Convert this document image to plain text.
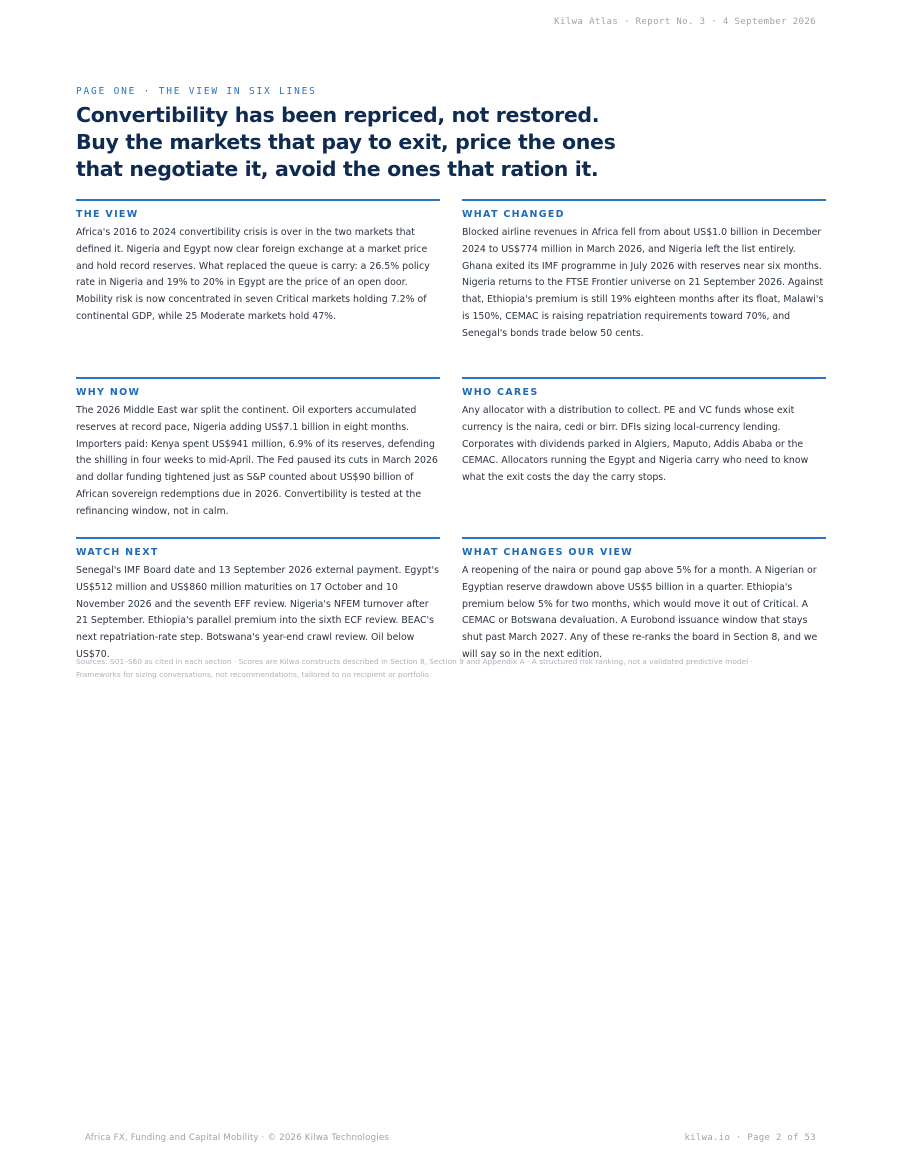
Kilwa Atlas · Report No. 3 · 4 September 2026
PAGE ONE · THE VIEW IN SIX LINES
Convertibility has been repriced, not restored. Buy the markets that pay to exit, price the ones that negotiate it, avoid the ones that ration it.
THE VIEW
Africa's 2016 to 2024 convertibility crisis is over in the two markets that defined it. Nigeria and Egypt now clear foreign exchange at a market price and hold record reserves. What replaced the queue is carry: a 26.5% policy rate in Nigeria and 19% to 20% in Egypt are the price of an open door. Mobility risk is now concentrated in seven Critical markets holding 7.2% of continental GDP, while 25 Moderate markets hold 47%.
WHAT CHANGED
Blocked airline revenues in Africa fell from about US$1.0 billion in December 2024 to US$774 million in March 2026, and Nigeria left the list entirely. Ghana exited its IMF programme in July 2026 with reserves near six months. Nigeria returns to the FTSE Frontier universe on 21 September 2026. Against that, Ethiopia's premium is still 19% eighteen months after its float, Malawi's is 150%, CEMAC is raising repatriation requirements toward 70%, and Senegal's bonds trade below 50 cents.
WHY NOW
The 2026 Middle East war split the continent. Oil exporters accumulated reserves at record pace, Nigeria adding US$7.1 billion in eight months. Importers paid: Kenya spent US$941 million, 6.9% of its reserves, defending the shilling in four weeks to mid-April. The Fed paused its cuts in March 2026 and dollar funding tightened just as S&P counted about US$90 billion of African sovereign redemptions due in 2026. Convertibility is tested at the refinancing window, not in calm.
WHO CARES
Any allocator with a distribution to collect. PE and VC funds whose exit currency is the naira, cedi or birr. DFIs sizing local-currency lending. Corporates with dividends parked in Algiers, Maputo, Addis Ababa or the CEMAC. Allocators running the Egypt and Nigeria carry who need to know what the exit costs the day the carry stops.
WATCH NEXT
Senegal's IMF Board date and 13 September 2026 external payment. Egypt's US$512 million and US$860 million maturities on 17 October and 10 November 2026 and the seventh EFF review. Nigeria's NFEM turnover after 21 September. Ethiopia's parallel premium into the sixth ECF review. BEAC's next repatriation-rate step. Botswana's year-end crawl review. Oil below US$70.
WHAT CHANGES OUR VIEW
A reopening of the naira or pound gap above 5% for a month. A Nigerian or Egyptian reserve drawdown above US$5 billion in a quarter. Ethiopia's premium below 5% for two months, which would move it out of Critical. A CEMAC or Botswana devaluation. A Eurobond issuance window that stays shut past March 2027. Any of these re-ranks the board in Section 8, and we will say so in the next edition.
Sources: S01–S60 as cited in each section · Scores are Kilwa constructs described in Section 8, Section 9 and Appendix A · A structured risk ranking, not a validated predictive model · Frameworks for sizing conversations, not recommendations, tailored to no recipient or portfolio.
Africa FX, Funding and Capital Mobility · © 2026 Kilwa Technologies	kilwa.io · Page 2 of 53
